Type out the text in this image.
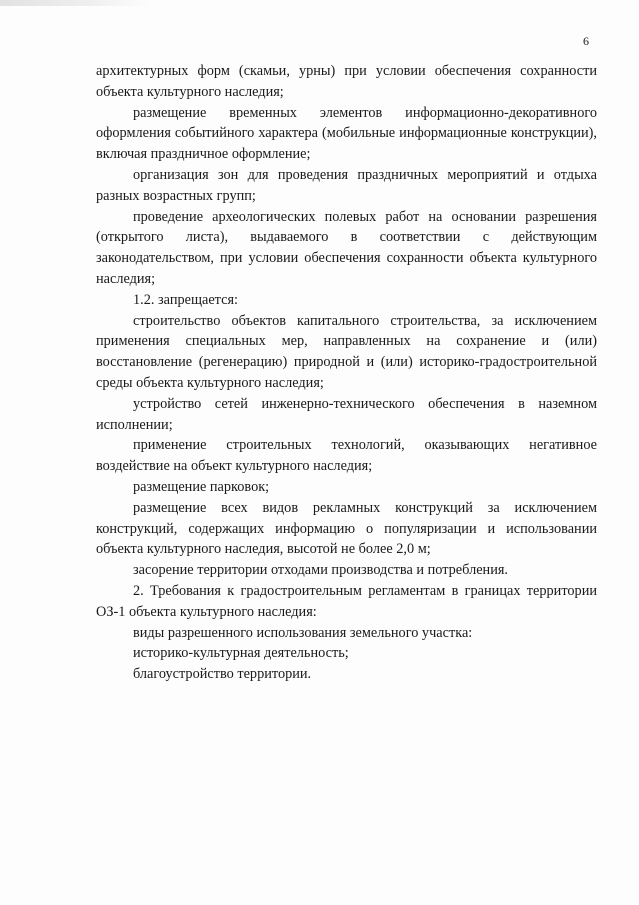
6

архитектурных форм (скамьи, урны) при условии обеспечения сохранности объекта культурного наследия;

размещение временных элементов информационно-декоративного оформления событийного характера (мобильные информационные конструкции), включая праздничное оформление;

организация зон для проведения праздничных мероприятий и отдыха разных возрастных групп;

проведение археологических полевых работ на основании разрешения (открытого листа), выдаваемого в соответствии с действующим законодательством, при условии обеспечения сохранности объекта культурного наследия;

1.2. запрещается:

строительство объектов капитального строительства, за исключением применения специальных мер, направленных на сохранение и (или) восстановление (регенерацию) природной и (или) историко-градостроительной среды объекта культурного наследия;

устройство сетей инженерно-технического обеспечения в наземном исполнении;

применение строительных технологий, оказывающих негативное воздействие на объект культурного наследия;

размещение парковок;

размещение всех видов рекламных конструкций за исключением конструкций, содержащих информацию о популяризации и использовании объекта культурного наследия, высотой не более 2,0 м;

засорение территории отходами производства и потребления.

2. Требования к градостроительным регламентам в границах территории ОЗ-1 объекта культурного наследия:

виды разрешенного использования земельного участка:

историко-культурная деятельность;

благоустройство территории.
